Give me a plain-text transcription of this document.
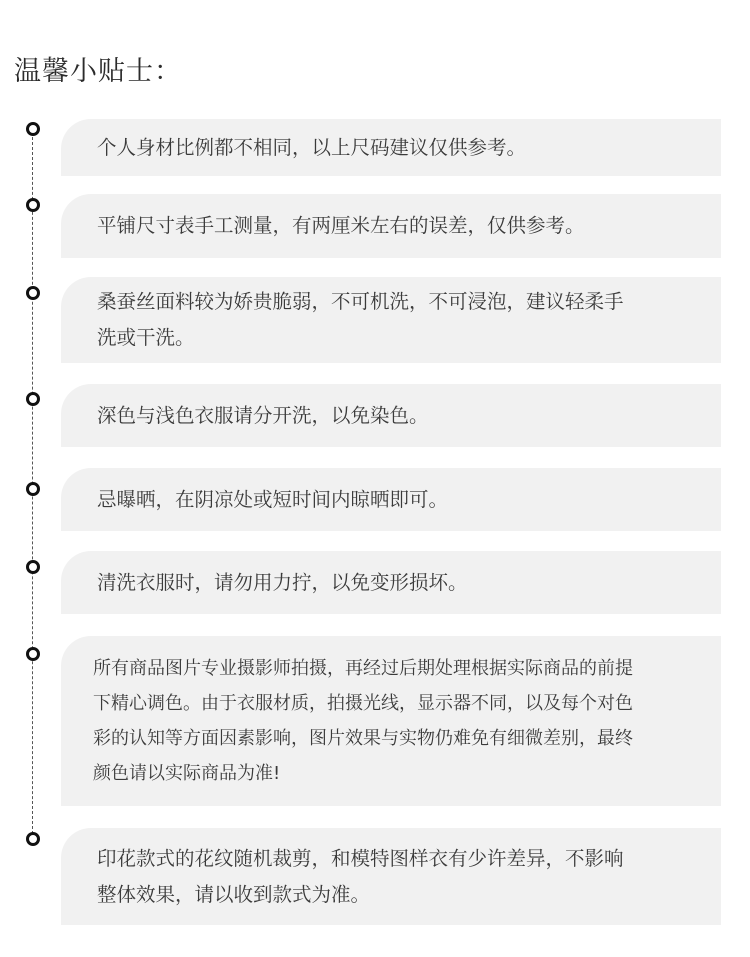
温馨小贴士：
个人身材比例都不相同，以上尺码建议仅供参考。
平铺尺寸表手工测量，有两厘米左右的误差，仅供参考。
桑蚕丝面料较为娇贵脆弱，不可机洗，不可浸泡，建议轻柔手
洗或干洗。
深色与浅色衣服请分开洗，以免染色。
忌曝晒，在阴凉处或短时间内晾晒即可。
清洗衣服时，请勿用力拧，以免变形损坏。
所有商品图片专业摄影师拍摄，再经过后期处理根据实际商品的前提
下精心调色。由于衣服材质，拍摄光线，显示器不同，以及每个对色
彩的认知等方面因素影响，图片效果与实物仍难免有细微差别，最终
颜色请以实际商品为准!
印花款式的花纹随机裁剪，和模特图样衣有少许差异，不影响
整体效果，请以收到款式为准。
